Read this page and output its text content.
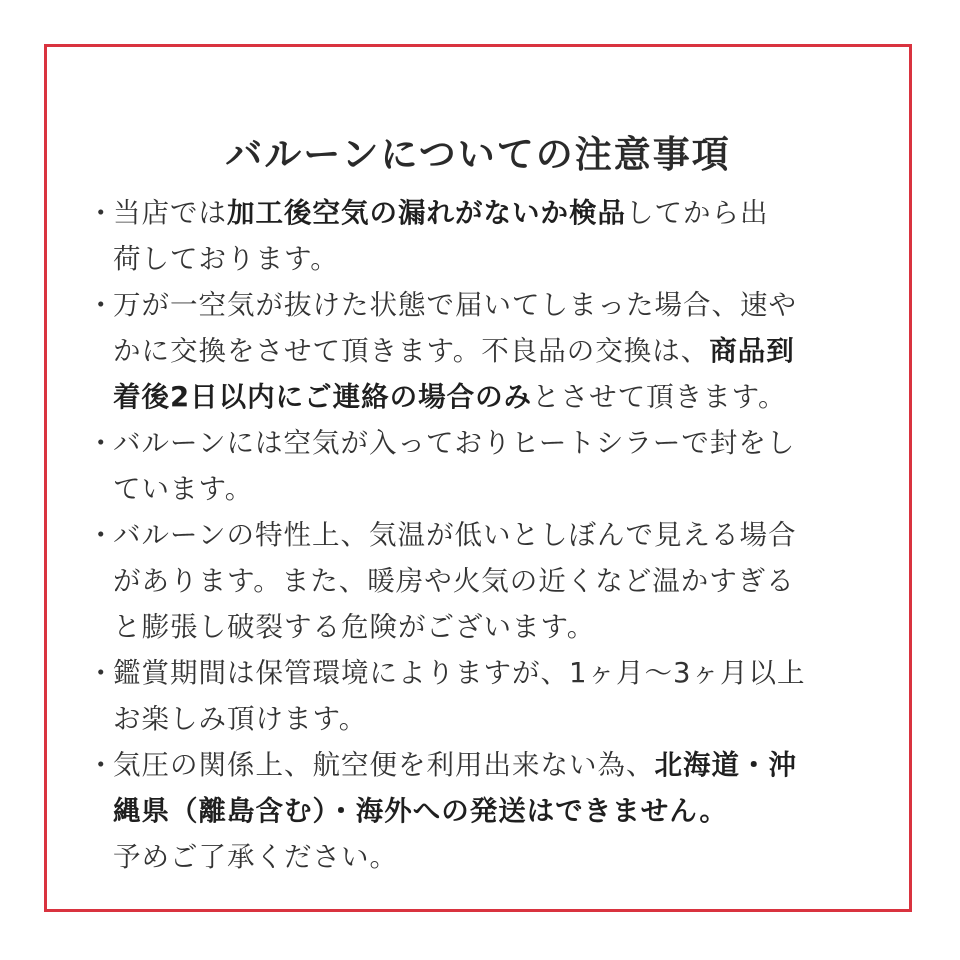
バルーンについての注意事項
・
当店では加工後空気の漏れがないか検品してから出
荷しております。
・
万が一空気が抜けた状態で届いてしまった場合、速や
かに交換をさせて頂きます。不良品の交換は、商品到
着後2日以内にご連絡の場合のみとさせて頂きます。
・
バルーンには空気が入っておりヒートシラーで封をし
ています。
・
バルーンの特性上、気温が低いとしぼんで見える場合
があります。また、暖房や火気の近くなど温かすぎる
と膨張し破裂する危険がございます。
・
鑑賞期間は保管環境によりますが、1ヶ月〜3ヶ月以上
お楽しみ頂けます。
・
気圧の関係上、航空便を利用出来ない為、北海道・沖
縄県（離島含む）・海外への発送はできません。
予めご了承ください。
